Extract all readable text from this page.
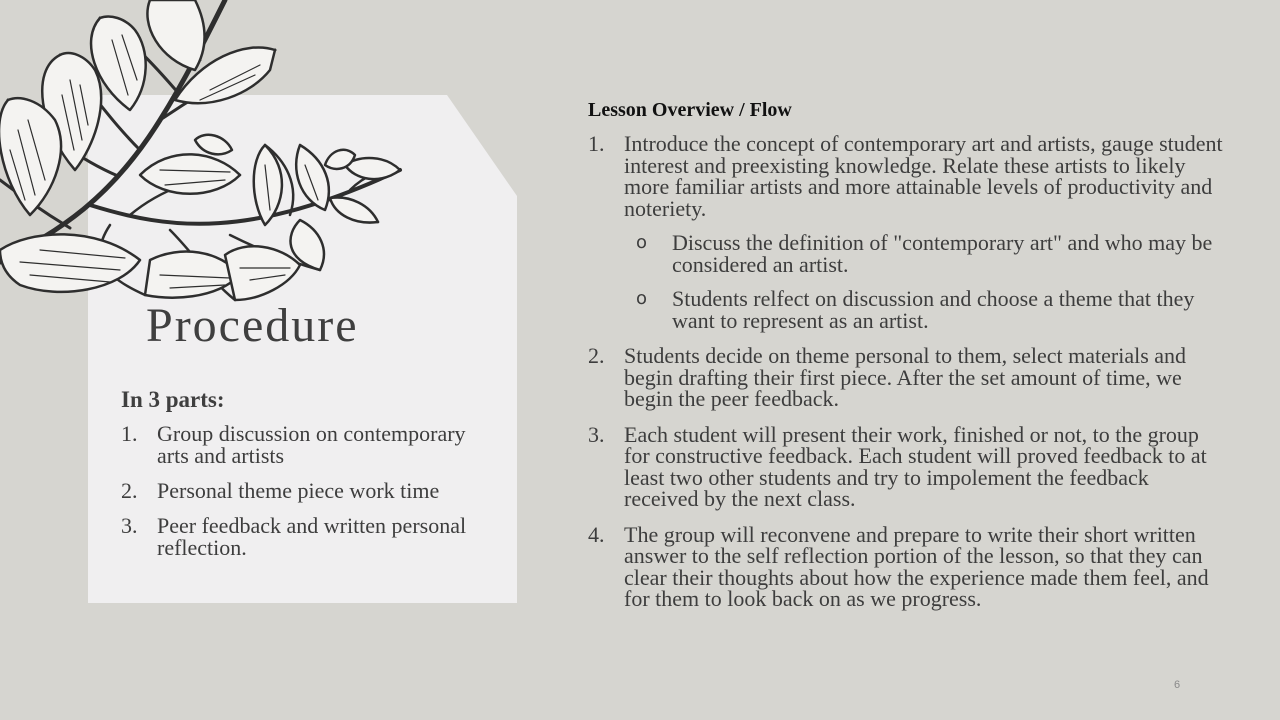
Procedure
In 3 parts:
1. Group discussion on contemporary arts and artists
2. Personal theme piece work time
3. Peer feedback and written personal reflection.
Lesson Overview / Flow
1. Introduce the concept of contemporary art and artists, gauge student interest and preexisting knowledge. Relate these artists to likely more familiar artists and more attainable levels of productivity and noteriety.
o Discuss the definition of "contemporary art" and who may be considered an artist.
o Students relfect on discussion and choose a theme that they want to represent as an artist.
2. Students decide on theme personal to them, select materials and begin drafting their first piece. After the set amount of time, we begin the peer feedback.
3. Each student will present their work, finished or not, to the group for constructive feedback. Each student will proved feedback to at least two other students and try to impolement the feedback received by the next class.
4. The group will reconvene and prepare to write their short written answer to the self reflection portion of the lesson, so that they can clear their thoughts about how the experience made them feel, and for them to look back on as we progress.
6
